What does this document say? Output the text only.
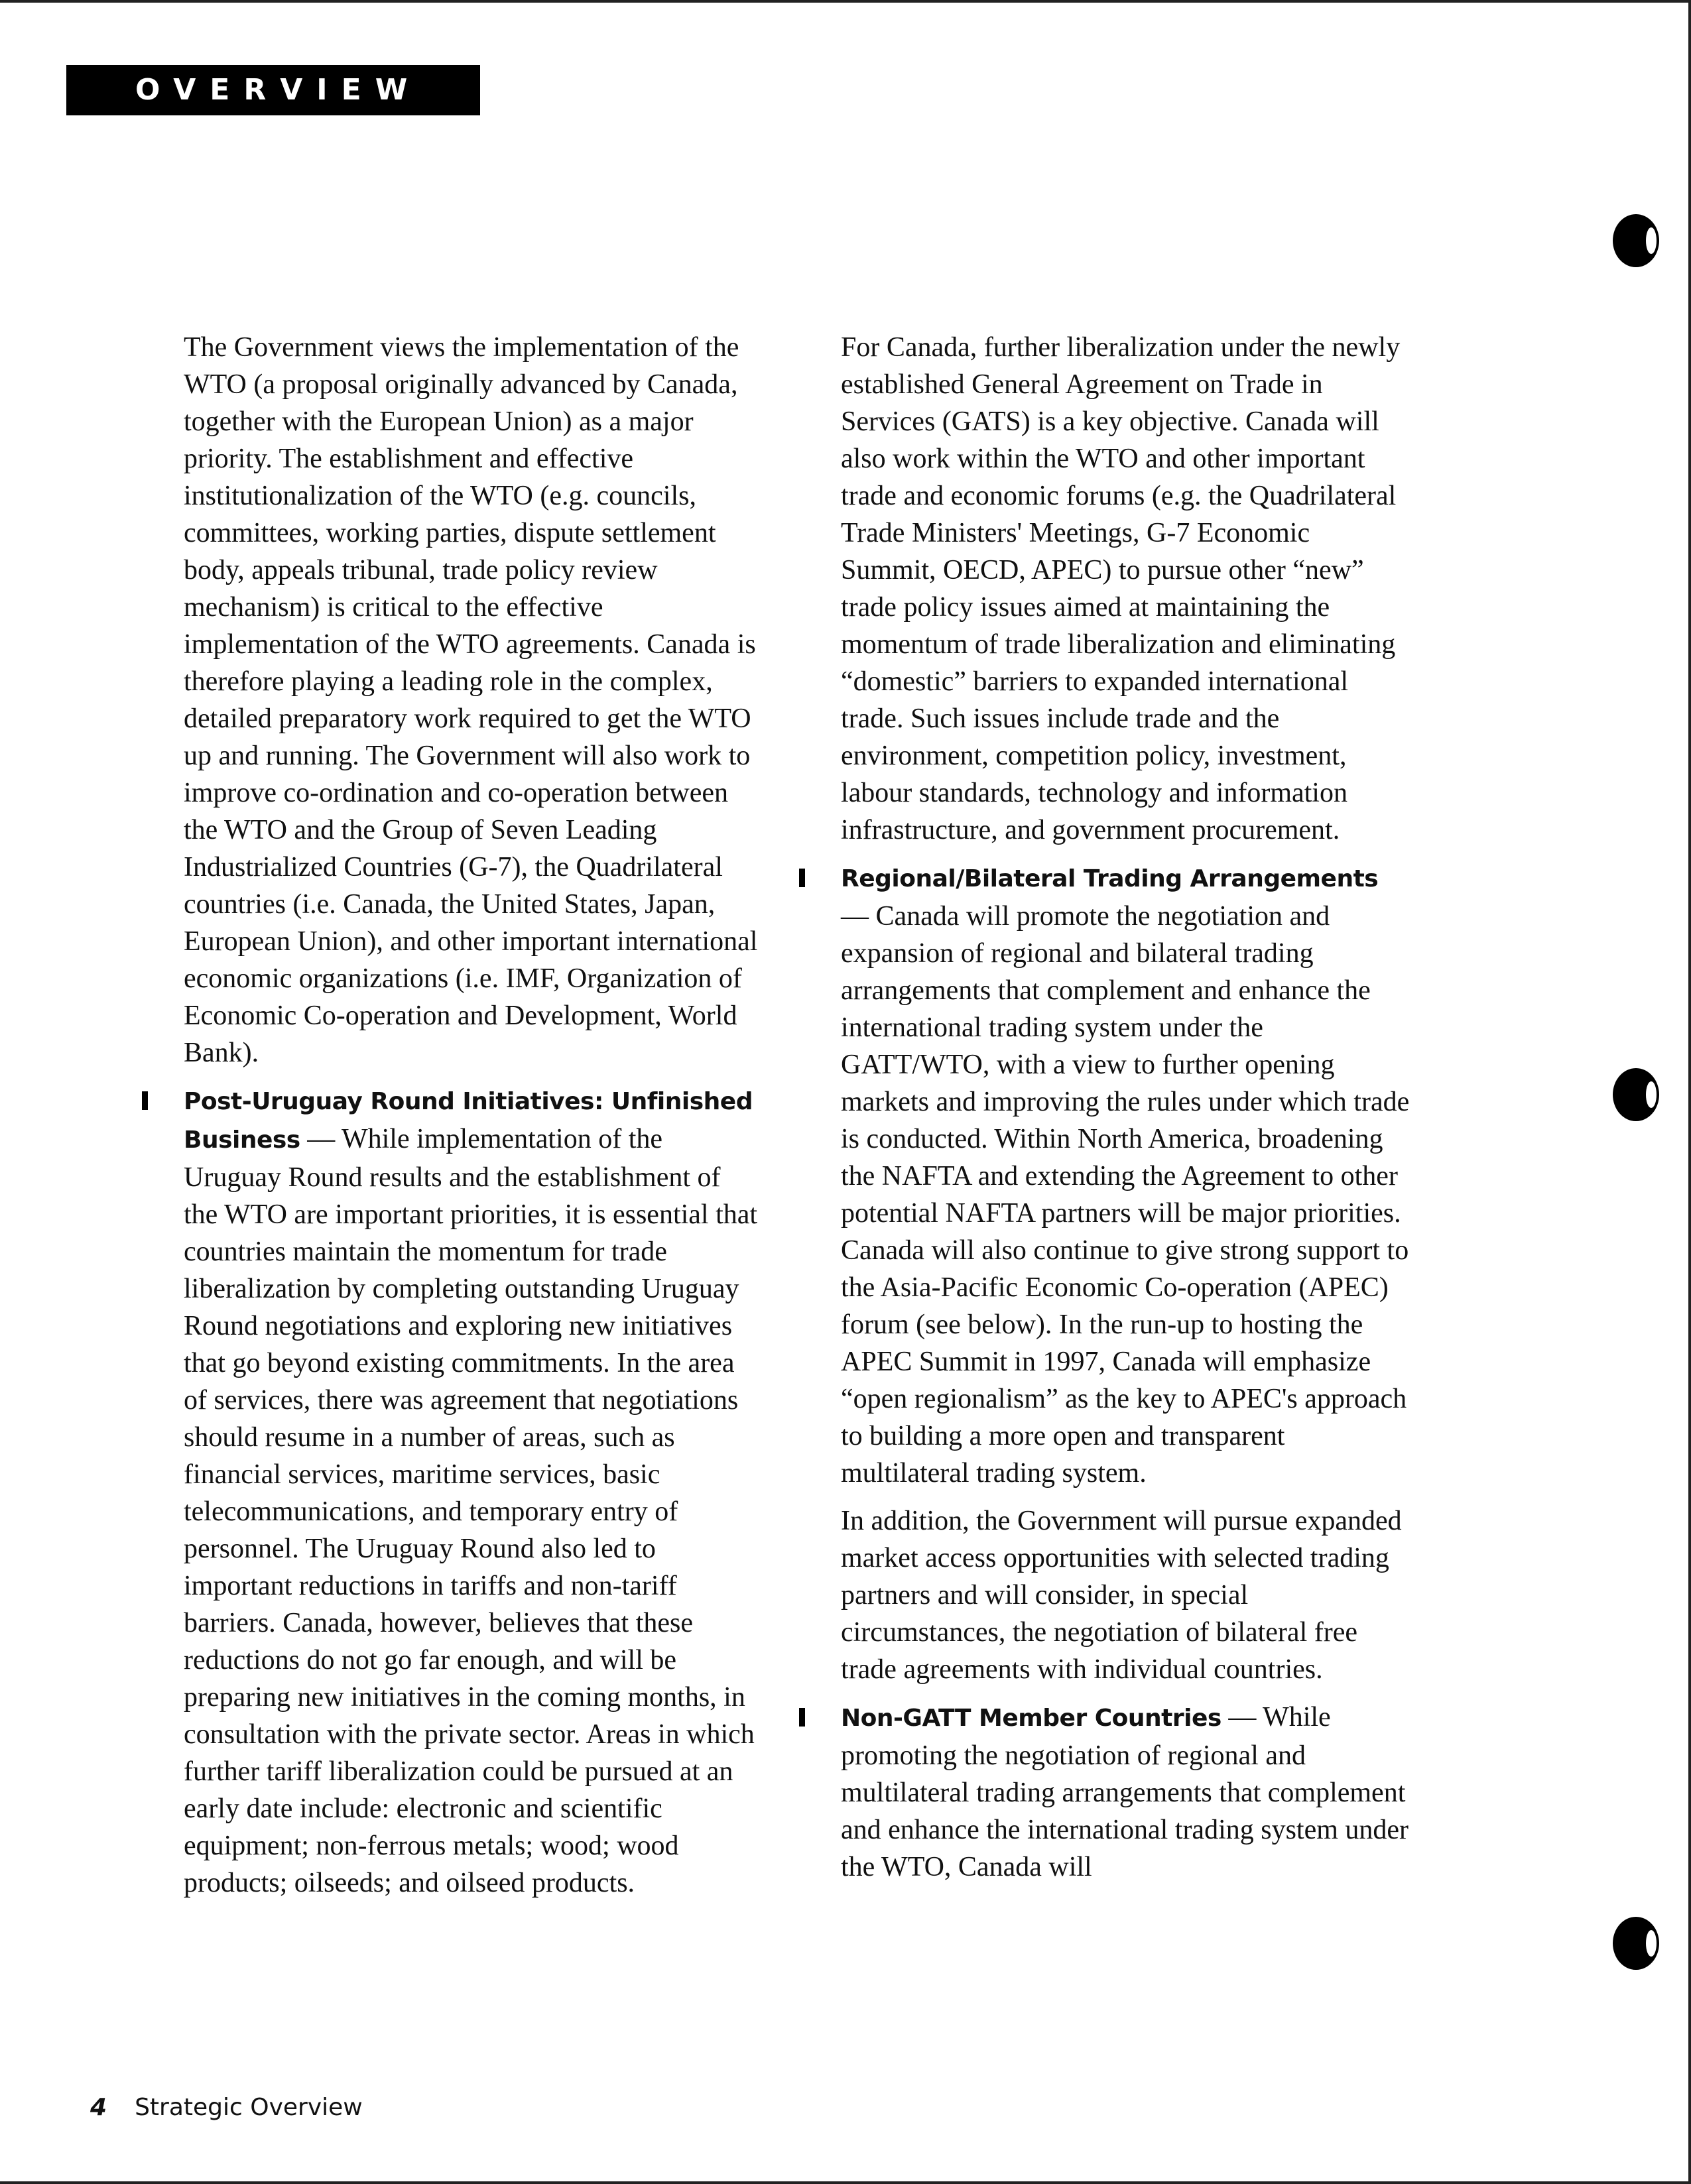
OVERVIEW

The Government views the implementation of the WTO (a proposal originally advanced by Canada, together with the European Union) as a major priority. The establishment and effective institutionalization of the WTO (e.g. councils, committees, working parties, dispute settlement body, appeals tribunal, trade policy review mechanism) is critical to the effective implementation of the WTO agreements. Canada is therefore playing a leading role in the complex, detailed preparatory work required to get the WTO up and running. The Government will also work to improve co-ordination and co-operation between the WTO and the Group of Seven Leading Industrialized Countries (G-7), the Quadrilateral countries (i.e. Canada, the United States, Japan, European Union), and other important international economic organizations (i.e. IMF, Organization of Economic Co-operation and Development, World Bank).

Post-Uruguay Round Initiatives: Unfinished Business — While implementation of the Uruguay Round results and the establishment of the WTO are important priorities, it is essential that countries maintain the momentum for trade liberalization by completing outstanding Uruguay Round negotiations and exploring new initiatives that go beyond existing commitments. In the area of services, there was agreement that negotiations should resume in a number of areas, such as financial services, maritime services, basic telecommunications, and temporary entry of personnel. The Uruguay Round also led to important reductions in tariffs and non-tariff barriers. Canada, however, believes that these reductions do not go far enough, and will be preparing new initiatives in the coming months, in consultation with the private sector. Areas in which further tariff liberalization could be pursued at an early date include: electronic and scientific equipment; non-ferrous metals; wood; wood products; oilseeds; and oilseed products.

For Canada, further liberalization under the newly established General Agreement on Trade in Services (GATS) is a key objective. Canada will also work within the WTO and other important trade and economic forums (e.g. the Quadrilateral Trade Ministers' Meetings, G-7 Economic Summit, OECD, APEC) to pursue other “new” trade policy issues aimed at maintaining the momentum of trade liberalization and eliminating “domestic” barriers to expanded international trade. Such issues include trade and the environment, competition policy, investment, labour standards, technology and information infrastructure, and government procurement.

Regional/Bilateral Trading Arrangements — Canada will promote the negotiation and expansion of regional and bilateral trading arrangements that complement and enhance the international trading system under the GATT/WTO, with a view to further opening markets and improving the rules under which trade is conducted. Within North America, broadening the NAFTA and extending the Agreement to other potential NAFTA partners will be major priorities. Canada will also continue to give strong support to the Asia-Pacific Economic Co-operation (APEC) forum (see below). In the run-up to hosting the APEC Summit in 1997, Canada will emphasize “open regionalism” as the key to APEC's approach to building a more open and transparent multilateral trading system.

In addition, the Government will pursue expanded market access opportunities with selected trading partners and will consider, in special circumstances, the negotiation of bilateral free trade agreements with individual countries.

Non-GATT Member Countries — While promoting the negotiation of regional and multilateral trading arrangements that complement and enhance the international trading system under the WTO, Canada will

4 Strategic Overview
